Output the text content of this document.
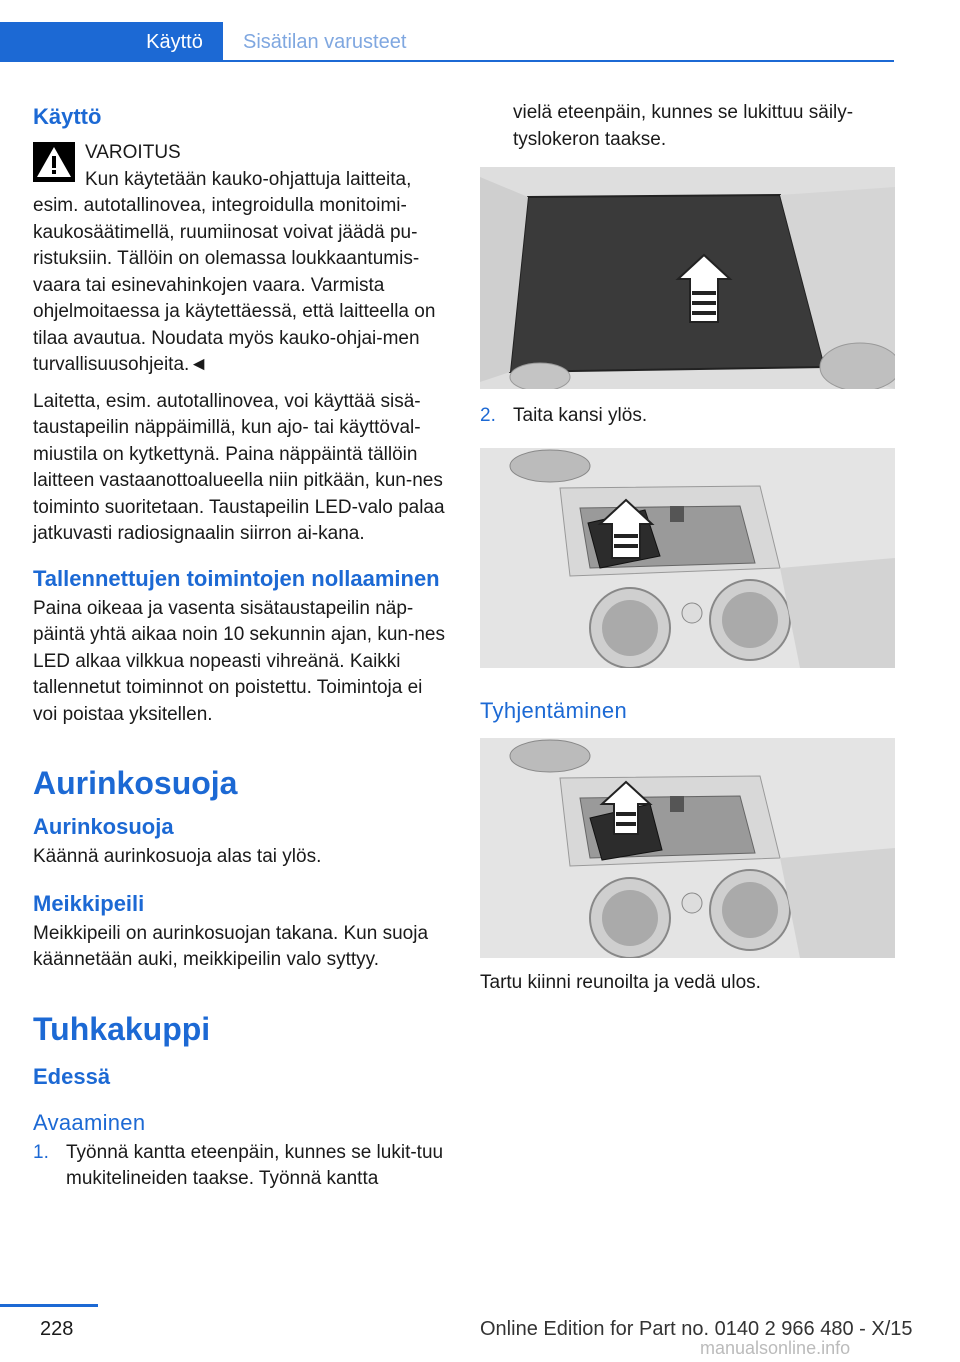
Käyttö	Sisätilan varusteet
Käyttö
VAROITUS
Kun käytetään kauko-ohjattuja laitteita,

esim. autotallinovea, integroidulla monitoimi-kaukosäätimellä, ruumiinosat voivat jäädä pu-ristuksiin. Tällöin on olemassa loukkaantumis-vaara tai esinevahinkojen vaara. Varmista ohjelmoitaessa ja käytettäessä, että laitteella on tilaa avautua. Noudata myös kauko-ohjai-men turvallisuusohjeita.◄

Laitetta, esim. autotallinovea, voi käyttää sisä-taustapeilin näppäimillä, kun ajo- tai käyttöval-miustila on kytkettynä. Paina näppäintä tällöin laitteen vastaanottoalueella niin pitkään, kun-nes toiminto suoritetaan. Taustapeilin LED-valo palaa jatkuvasti radiosignaalin siirron ai-kana.

Tallennettujen toimintojen nollaaminen

Paina oikeaa ja vasenta sisätaustapeilin näp-päintä yhtä aikaa noin 10 sekunnin ajan, kun-nes LED alkaa vilkkua nopeasti vihreänä. Kaikki tallennetut toiminnot on poistettu. Toimintoja ei voi poistaa yksitellen.

Aurinkosuoja
Aurinkosuoja

Käännä aurinkosuoja alas tai ylös.

Meikkipeili

Meikkipeili on aurinkosuojan takana. Kun suoja käännetään auki, meikkipeilin valo syttyy.

Tuhkakuppi
Edessä
Avaaminen
1. Työnnä kantta eteenpäin, kunnes se lukit-tuu mukitelineiden taakse. Työnnä kantta

vielä eteenpäin, kunnes se lukittuu säily-tyslokeron taakse.

2. Taita kansi ylös.
Tyhjentäminen

Tartu kiinni reunoilta ja vedä ulos.

228	Online Edition for Part no. 0140 2 966 480 - X/15
manualsonline.info
